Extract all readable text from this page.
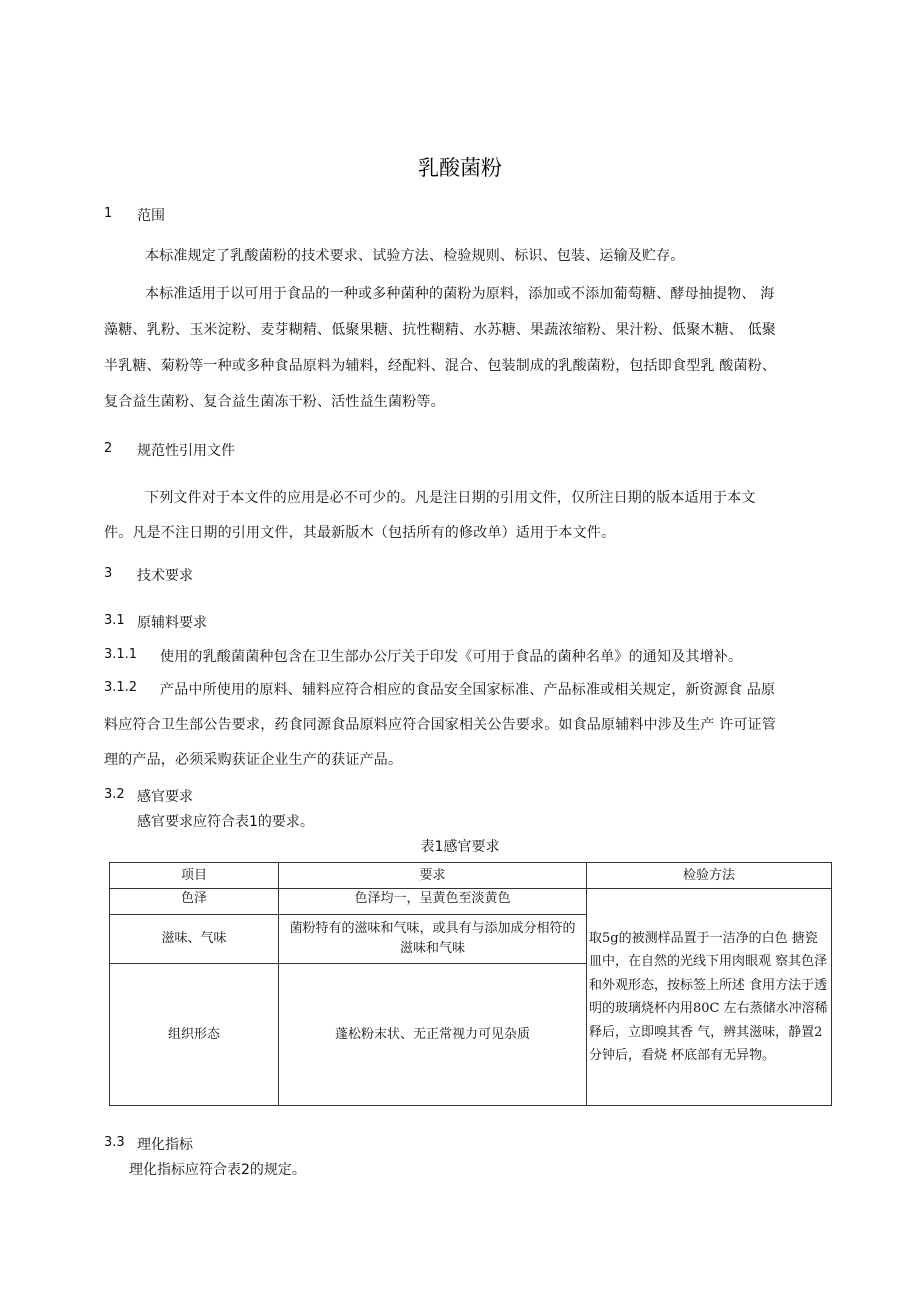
乳酸菌粉
1 范围
本标准规定了乳酸菌粉的技术要求、试验方法、检验规则、标识、包装、运输及贮存。
本标准适用于以可用于食品的一种或多种菌种的菌粉为原料，添加或不添加葡萄糖、酵母抽提物、 海
藻糖、乳粉、玉米淀粉、麦芽糊精、低聚果糖、抗性糊精、水苏糖、果蔬浓缩粉、果汁粉、低聚木糖、 低聚
半乳糖、菊粉等一种或多种食品原料为辅料，经配料、混合、包装制成的乳酸菌粉，包括即食型乳 酸菌粉、
复合益生菌粉、复合益生菌冻干粉、活性益生菌粉等。
2 规范性引用文件
下列文件对于本文件的应用是必不可少的。凡是注日期的引用文件，仅所注日期的版本适用于本文
件。凡是不注日期的引用文件，其最新版木（包括所有的修改单）适用于本文件。
3 技术要求
3.1 原辅料要求
3.1.1 使用的乳酸菌菌种包含在卫生部办公厅关于印发《可用于食品的菌种名单》的通知及其增补。
3.1.2 产品中所使用的原料、辅料应符合相应的食品安全国家标准、产品标准或相关规定，新资源食 品原
料应符合卫生部公告要求，药食同源食品原料应符合国家相关公告要求。如食品原辅料中涉及生产 许可证管
理的产品，必须采购获证企业生产的获证产品。
3.2 感官要求
感官要求应符合表1的要求。
表1感官要求
项目	要求	检验方法
色泽	色泽均一，呈黄色至淡黄色	取5g的被测样品置于一洁净的白色 搪瓷皿中，在自然的光线下用肉眼观 察其色泽和外观形态，按标签上所述 食用方法于透明的玻璃烧杯内用80C 左右蒸储水冲溶稀释后，立即嗅其香 气，辨其滋味，静置2分钟后，看烧 杯底部有无异物。
滋味、气味	菌粉特有的滋味和气味，或具有与添加成分相符的滋味和气味	
组织形态	蓬松粉末状、无正常视力可见杂质	
3.3 理化指标
理化指标应符合表2的规定。
